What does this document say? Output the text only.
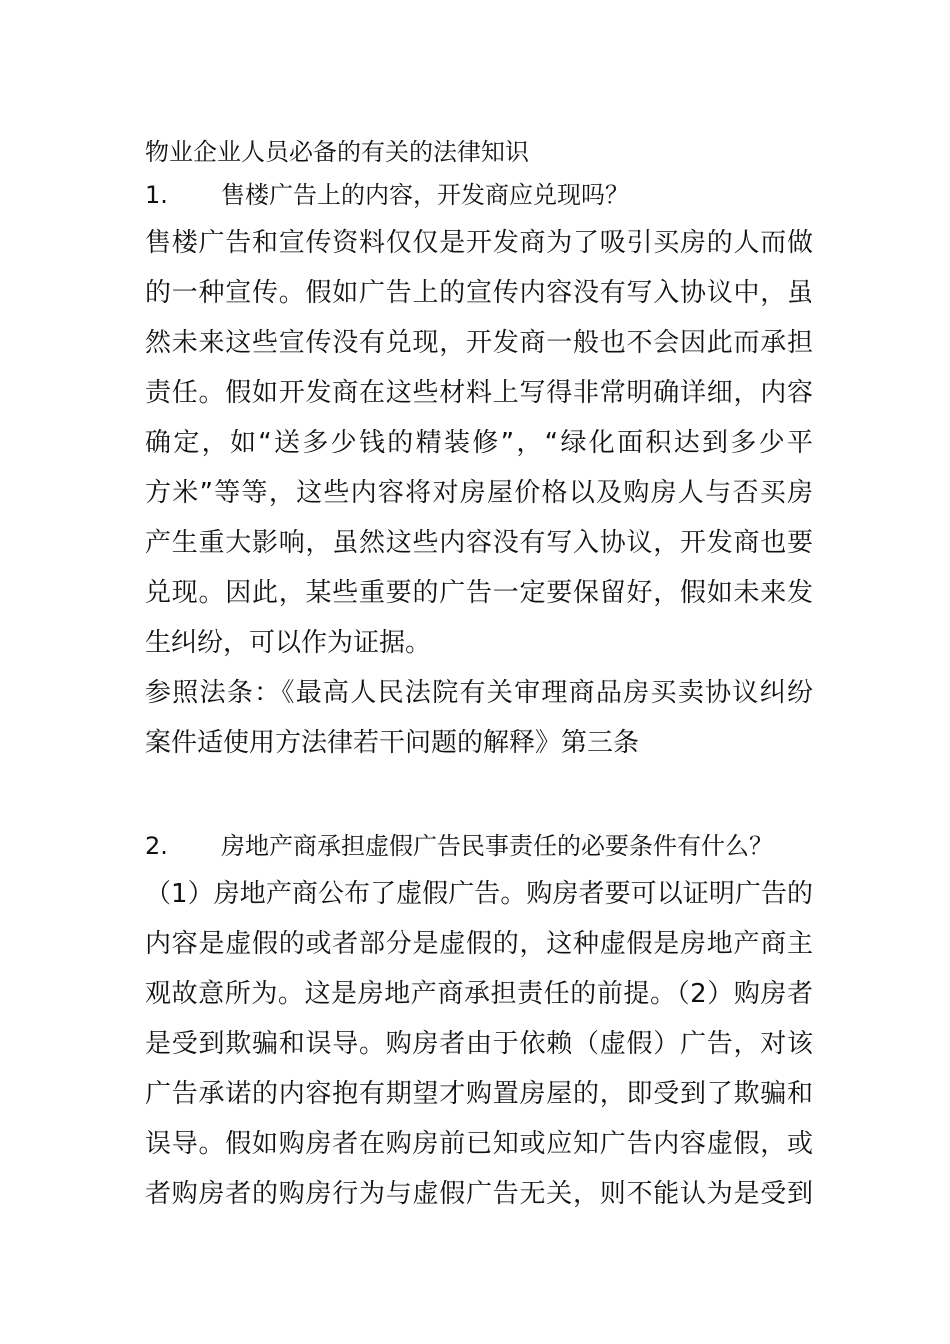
物业企业人员必备的有关的法律知识
1. 售楼广告上的内容，开发商应兑现吗？
售楼广告和宣传资料仅仅是开发商为了吸引买房的人而做
的一种宣传。假如广告上的宣传内容没有写入协议中，虽
然未来这些宣传没有兑现，开发商一般也不会因此而承担
责任。假如开发商在这些材料上写得非常明确详细，内容
确定，如“送多少钱的精装修”，“绿化面积达到多少平
方米”等等，这些内容将对房屋价格以及购房人与否买房
产生重大影响，虽然这些内容没有写入协议，开发商也要
兑现。因此，某些重要的广告一定要保留好，假如未来发
生纠纷，可以作为证据。
参照法条：《最高人民法院有关审理商品房买卖协议纠纷
案件适使用方法律若干问题的解释》第三条
2. 房地产商承担虚假广告民事责任的必要条件有什么？
（1）房地产商公布了虚假广告。购房者要可以证明广告的
内容是虚假的或者部分是虚假的，这种虚假是房地产商主
观故意所为。这是房地产商承担责任的前提。（2）购房者
是受到欺骗和误导。购房者由于依赖（虚假）广告，对该
广告承诺的内容抱有期望才购置房屋的，即受到了欺骗和
误导。假如购房者在购房前已知或应知广告内容虚假，或
者购房者的购房行为与虚假广告无关，则不能认为是受到
